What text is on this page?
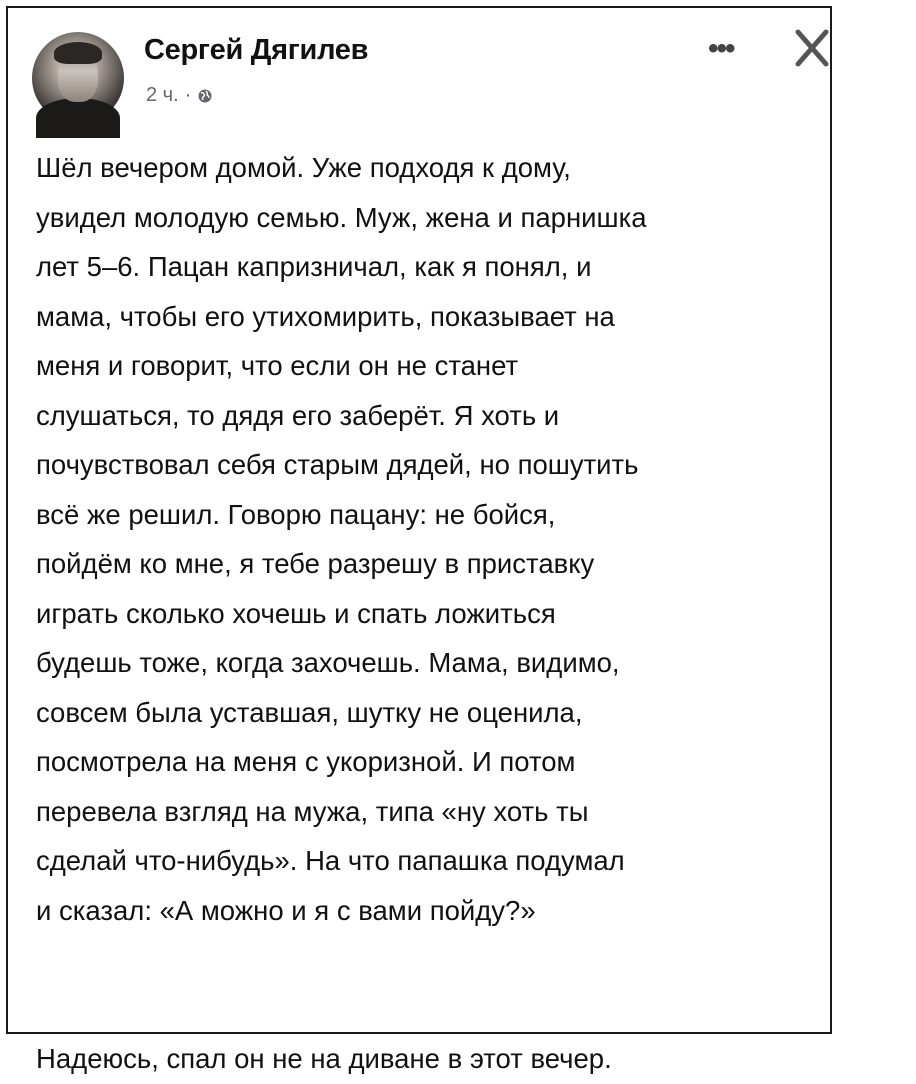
Сергей Дягилев
2 ч. ·
•••
Шёл вечером домой. Уже подходя к дому,
увидел молодую семью. Муж, жена и парнишка
лет 5–6. Пацан капризничал, как я понял, и
мама, чтобы его утихомирить, показывает на
меня и говорит, что если он не станет
слушаться, то дядя его заберёт. Я хоть и
почувствовал себя старым дядей, но пошутить
всё же решил. Говорю пацану: не бойся,
пойдём ко мне, я тебе разрешу в приставку
играть сколько хочешь и спать ложиться
будешь тоже, когда захочешь. Мама, видимо,
совсем была уставшая, шутку не оценила,
посмотрела на меня с укоризной. И потом
перевела взгляд на мужа, типа «ну хоть ты
сделай что-нибудь». На что папашка подумал
и сказал: «А можно и я с вами пойду?»
Надеюсь, спал он не на диване в этот вечер.
